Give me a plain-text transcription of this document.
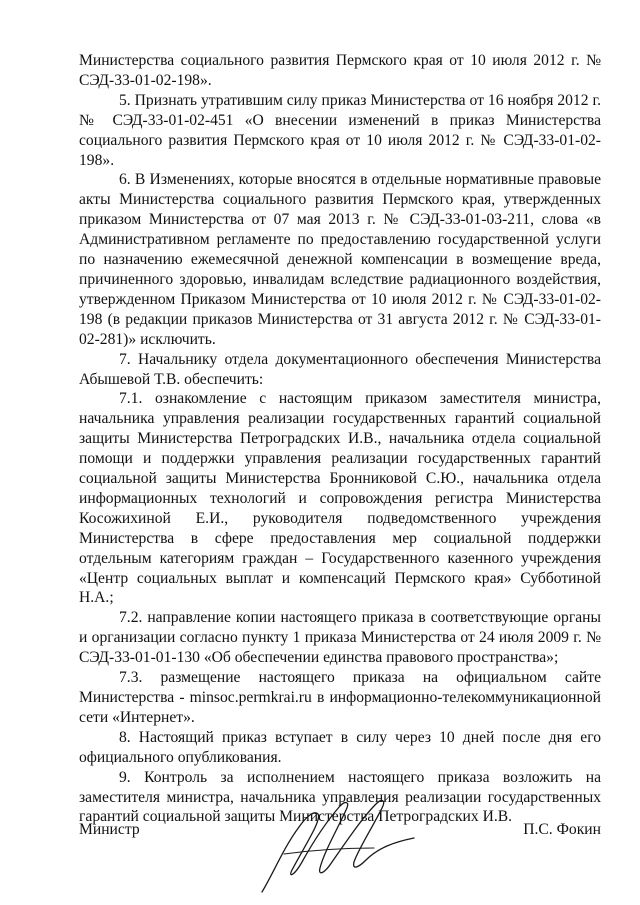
Министерства социального развития Пермского края от 10 июля 2012 г. № СЭД-33-01-02-198».

5. Признать утратившим силу приказ Министерства от 16 ноября 2012 г. № СЭД-33-01-02-451 «О внесении изменений в приказ Министерства социального развития Пермского края от 10 июля 2012 г. № СЭД-33-01-02-198».

6. В Изменениях, которые вносятся в отдельные нормативные правовые акты Министерства социального развития Пермского края, утвержденных приказом Министерства от 07 мая 2013 г. № СЭД-33-01-03-211, слова «в Административном регламенте по предоставлению государственной услуги по назначению ежемесячной денежной компенсации в возмещение вреда, причиненного здоровью, инвалидам вследствие радиационного воздействия, утвержденном Приказом Министерства от 10 июля 2012 г. № СЭД-33-01-02-198 (в редакции приказов Министерства от 31 августа 2012 г. № СЭД-33-01-02-281)» исключить.

7. Начальнику отдела документационного обеспечения Министерства Абышевой Т.В. обеспечить:

7.1. ознакомление с настоящим приказом заместителя министра, начальника управления реализации государственных гарантий социальной защиты Министерства Петроградских И.В., начальника отдела социальной помощи и поддержки управления реализации государственных гарантий социальной защиты Министерства Бронниковой С.Ю., начальника отдела информационных технологий и сопровождения регистра Министерства Косожихиной Е.И., руководителя подведомственного учреждения Министерства в сфере предоставления мер социальной поддержки отдельным категориям граждан – Государственного казенного учреждения «Центр социальных выплат и компенсаций Пермского края» Субботиной Н.А.;

7.2. направление копии настоящего приказа в соответствующие органы и организации согласно пункту 1 приказа Министерства от 24 июля 2009 г. № СЭД-33-01-01-130 «Об обеспечении единства правового пространства»;

7.3. размещение настоящего приказа на официальном сайте Министерства - minsoc.permkrai.ru в информационно-телекоммуникационной сети «Интернет».

8. Настоящий приказ вступает в силу через 10 дней после дня его официального опубликования.

9. Контроль за исполнением настоящего приказа возложить на заместителя министра, начальника управления реализации государственных гарантий социальной защиты Министерства Петроградских И.В.

Министр	П.С. Фокин
